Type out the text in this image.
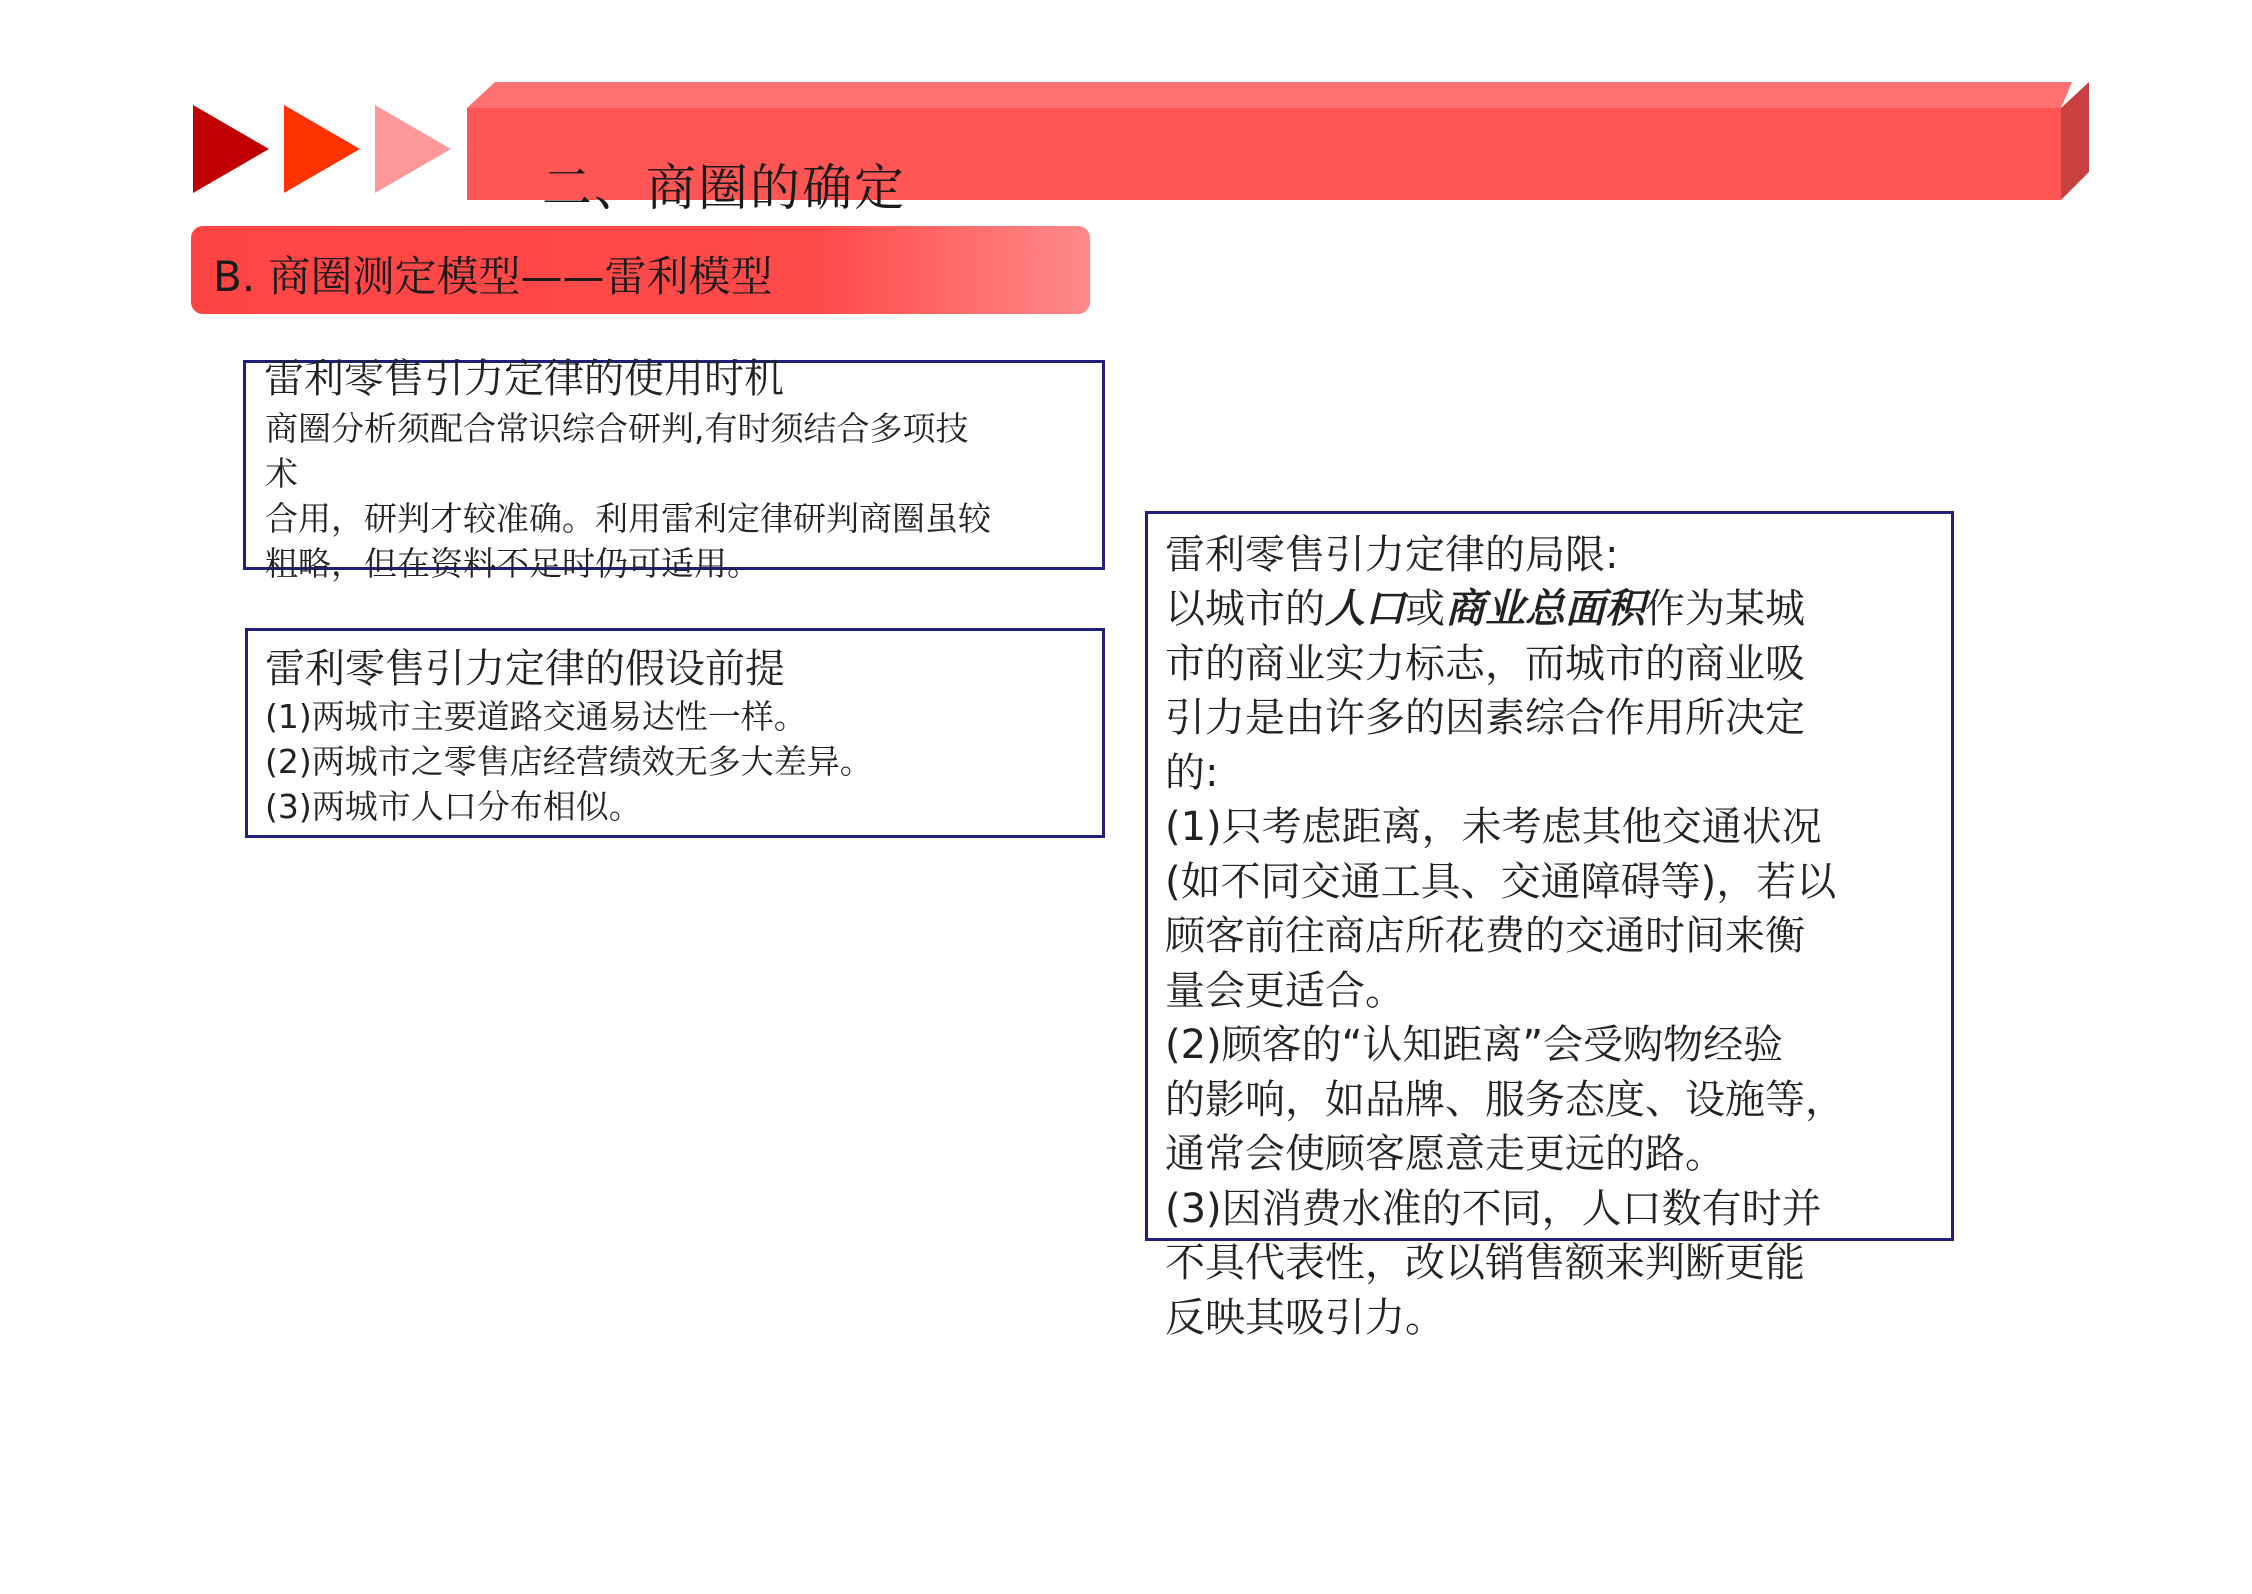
二、商圈的确定
B. 商圈测定模型——雷利模型
雷利零售引力定律的使用时机
商圈分析须配合常识综合研判,有时须结合多项技
术
合用，研判才较准确。利用雷利定律研判商圈虽较
粗略，但在资料不足时仍可适用。
雷利零售引力定律的假设前提
(1)两城市主要道路交通易达性一样。
(2)两城市之零售店经营绩效无多大差异。
(3)两城市人口分布相似。
雷利零售引力定律的局限:
以城市的人口或商业总面积作为某城
市的商业实力标志，而城市的商业吸
引力是由许多的因素综合作用所决定
的:
(1)只考虑距离，未考虑其他交通状况
(如不同交通工具、交通障碍等)，若以
顾客前往商店所花费的交通时间来衡
量会更适合。
(2)顾客的“认知距离”会受购物经验
的影响，如品牌、服务态度、设施等，
通常会使顾客愿意走更远的路。
(3)因消费水准的不同，人口数有时并
不具代表性，改以销售额来判断更能
反映其吸引力。
